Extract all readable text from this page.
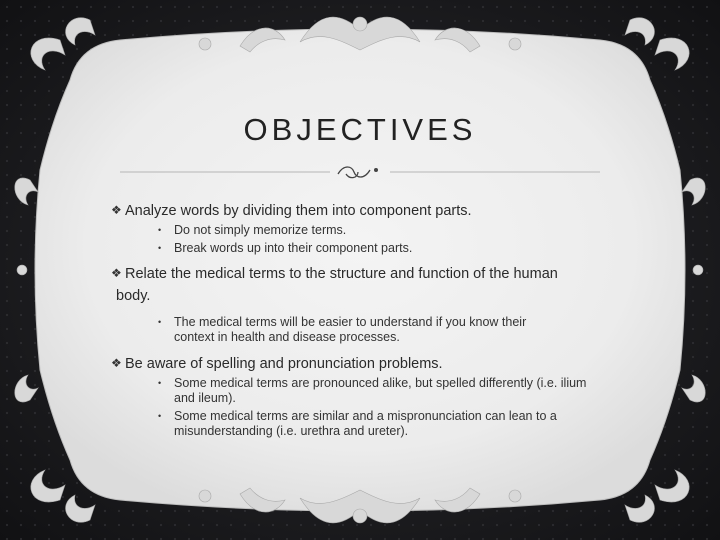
OBJECTIVES

❖ Analyze words by dividing them into component parts.

• Do not simply memorize terms.
• Break words up into their component parts.

❖ Relate the medical terms to the structure and function of the human

body.

• The medical terms will be easier to understand if you know their context in health and disease processes.

❖ Be aware of spelling and pronunciation problems.

• Some medical terms are pronounced alike, but spelled differently (i.e. ilium and ileum).
• Some medical terms are similar and a mispronunciation can lean to a misunderstanding (i.e. urethra and ureter).
